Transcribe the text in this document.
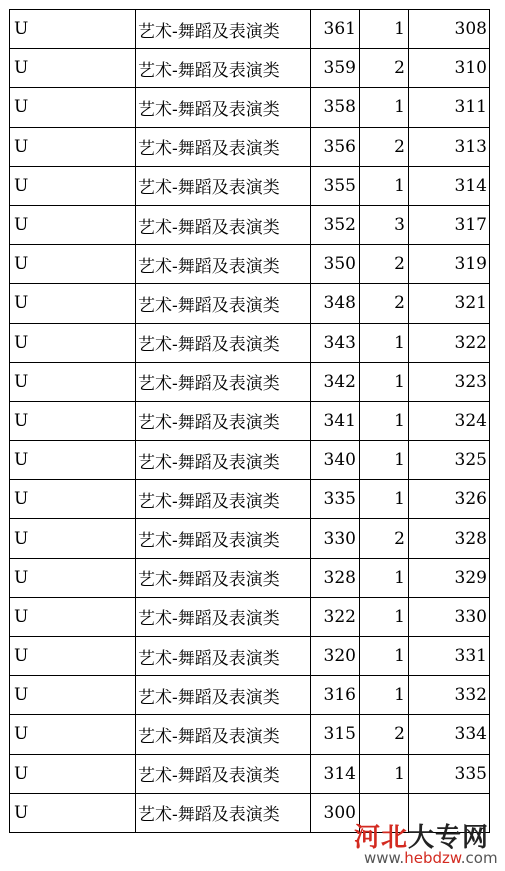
U	艺术-舞蹈及表演类	361	1	308
U	艺术-舞蹈及表演类	359	2	310
U	艺术-舞蹈及表演类	358	1	311
U	艺术-舞蹈及表演类	356	2	313
U	艺术-舞蹈及表演类	355	1	314
U	艺术-舞蹈及表演类	352	3	317
U	艺术-舞蹈及表演类	350	2	319
U	艺术-舞蹈及表演类	348	2	321
U	艺术-舞蹈及表演类	343	1	322
U	艺术-舞蹈及表演类	342	1	323
U	艺术-舞蹈及表演类	341	1	324
U	艺术-舞蹈及表演类	340	1	325
U	艺术-舞蹈及表演类	335	1	326
U	艺术-舞蹈及表演类	330	2	328
U	艺术-舞蹈及表演类	328	1	329
U	艺术-舞蹈及表演类	322	1	330
U	艺术-舞蹈及表演类	320	1	331
U	艺术-舞蹈及表演类	316	1	332
U	艺术-舞蹈及表演类	315	2	334
U	艺术-舞蹈及表演类	314	1	335
U	艺术-舞蹈及表演类	300
河北大专网
www.hebdzw.com
